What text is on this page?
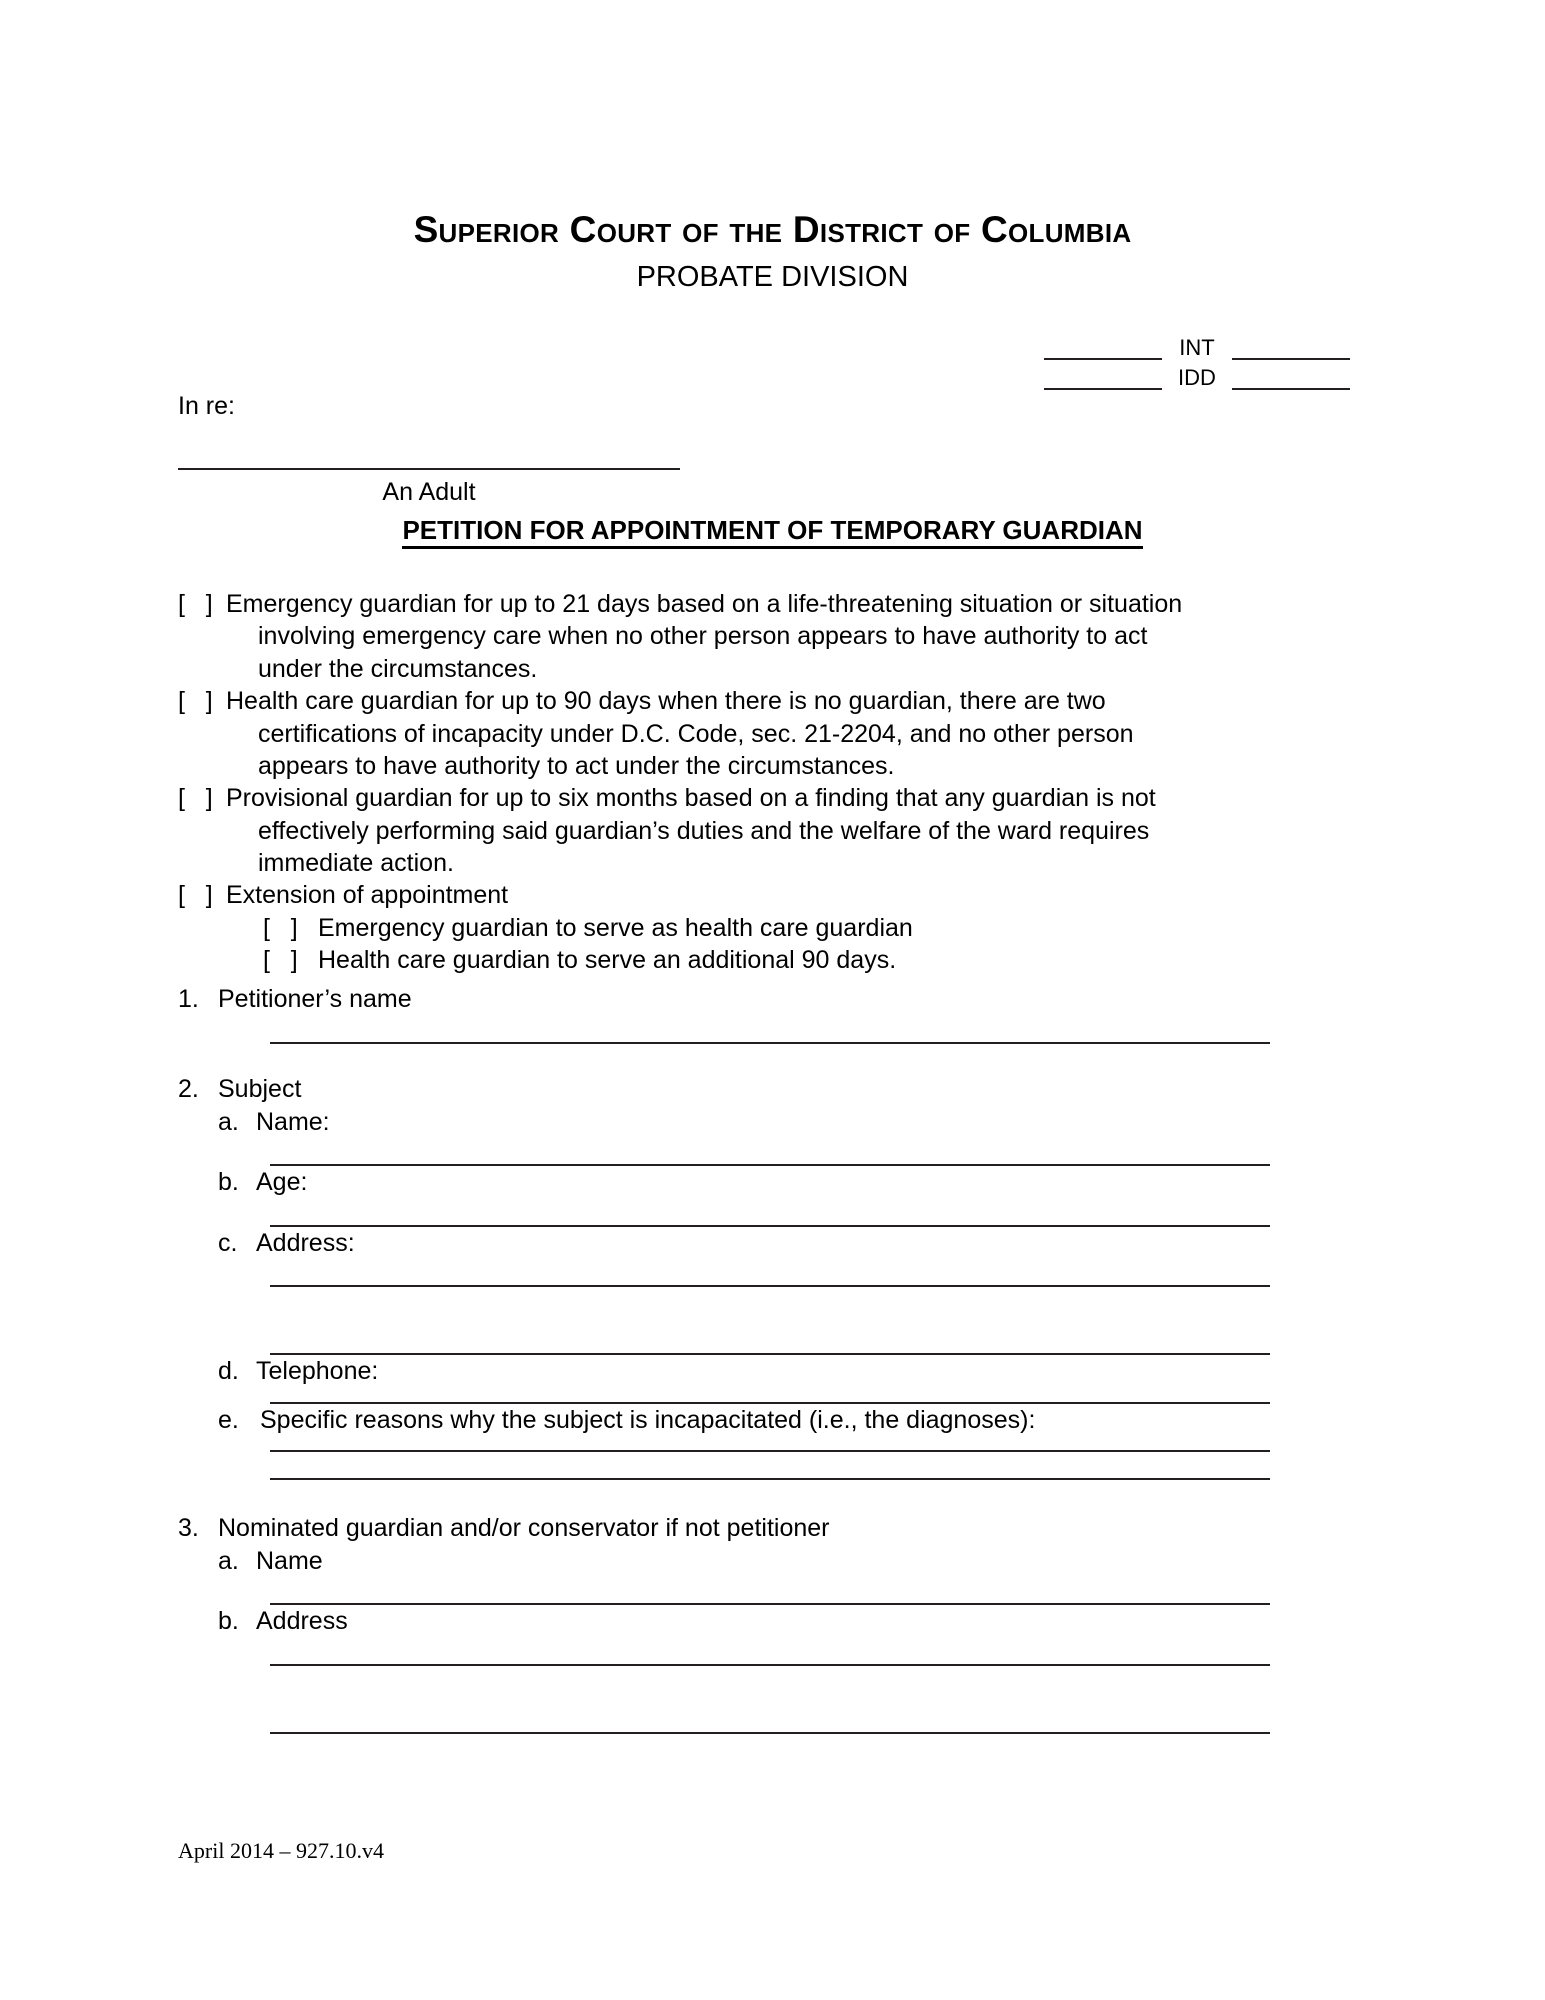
Superior Court of the District of Columbia
PROBATE DIVISION
INT
IDD
In re:
An Adult
PETITION FOR APPOINTMENT OF TEMPORARY GUARDIAN
[   ] Emergency guardian for up to 21 days based on a life-threatening situation or situation
involving emergency care when no other person appears to have authority to act
under the circumstances.
[   ] Health care guardian for up to 90 days when there is no guardian, there are two
certifications of incapacity under D.C. Code, sec. 21-2204, and no other person
appears to have authority to act under the circumstances.
[   ] Provisional guardian for up to six months based on a finding that any guardian is not
effectively performing said guardian’s duties and the welfare of the ward requires
immediate action.
[   ] Extension of appointment
[   ] Emergency guardian to serve as health care guardian
[   ] Health care guardian to serve an additional 90 days.
1. Petitioner’s name
2. Subject
a. Name:
b. Age:
c. Address:
d. Telephone:
e. Specific reasons why the subject is incapacitated (i.e., the diagnoses):
3. Nominated guardian and/or conservator if not petitioner
a. Name
b. Address
April 2014 – 927.10.v4
